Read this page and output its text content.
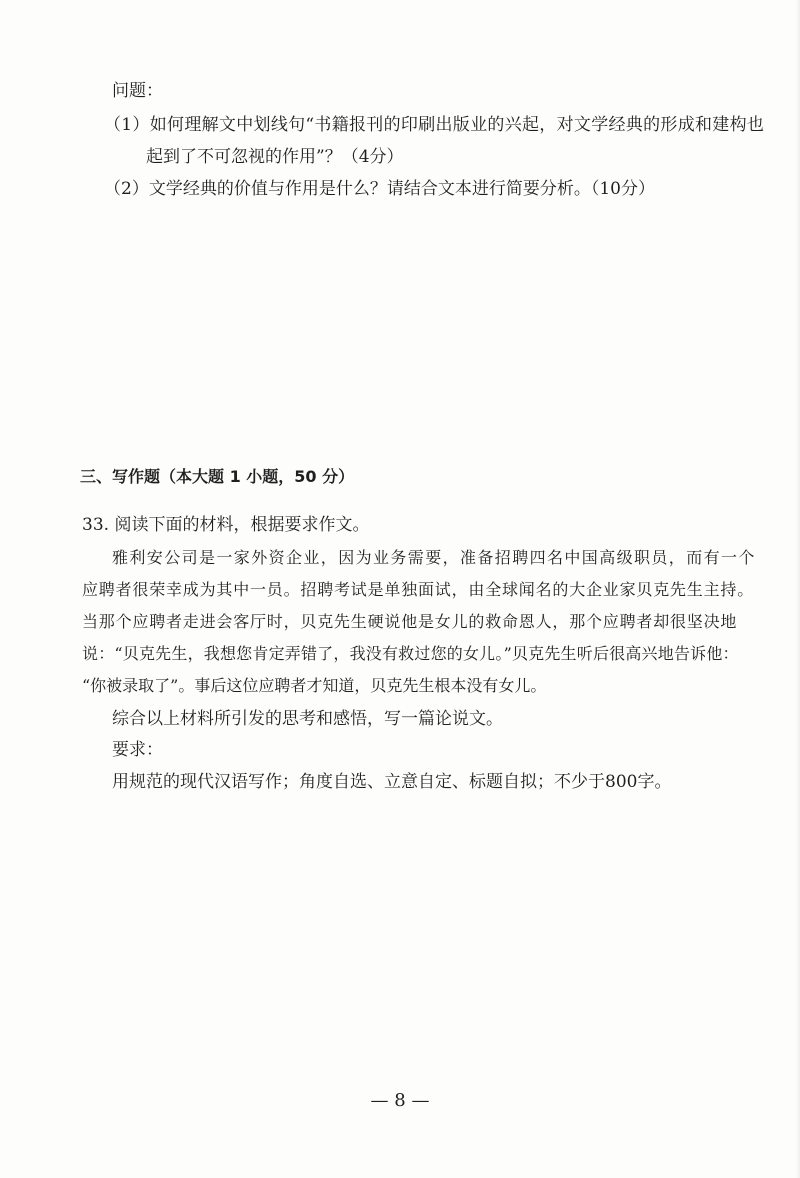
问题：
（1）如何理解文中划线句“书籍报刊的印刷出版业的兴起，对文学经典的形成和建构也
起到了不可忽视的作用”？（4分）
（2）文学经典的价值与作用是什么？请结合文本进行简要分析。（10分）
三、写作题（本大题 1 小题，50 分）
33. 阅读下面的材料，根据要求作文。
雅利安公司是一家外资企业，因为业务需要，准备招聘四名中国高级职员，而有一个
应聘者很荣幸成为其中一员。招聘考试是单独面试，由全球闻名的大企业家贝克先生主持。
当那个应聘者走进会客厅时，贝克先生硬说他是女儿的救命恩人，那个应聘者却很坚决地
说：“贝克先生，我想您肯定弄错了，我没有救过您的女儿。”贝克先生听后很高兴地告诉他：
“你被录取了”。事后这位应聘者才知道，贝克先生根本没有女儿。
综合以上材料所引发的思考和感悟，写一篇论说文。
要求：
用规范的现代汉语写作；角度自选、立意自定、标题自拟；不少于800字。
— 8 —
